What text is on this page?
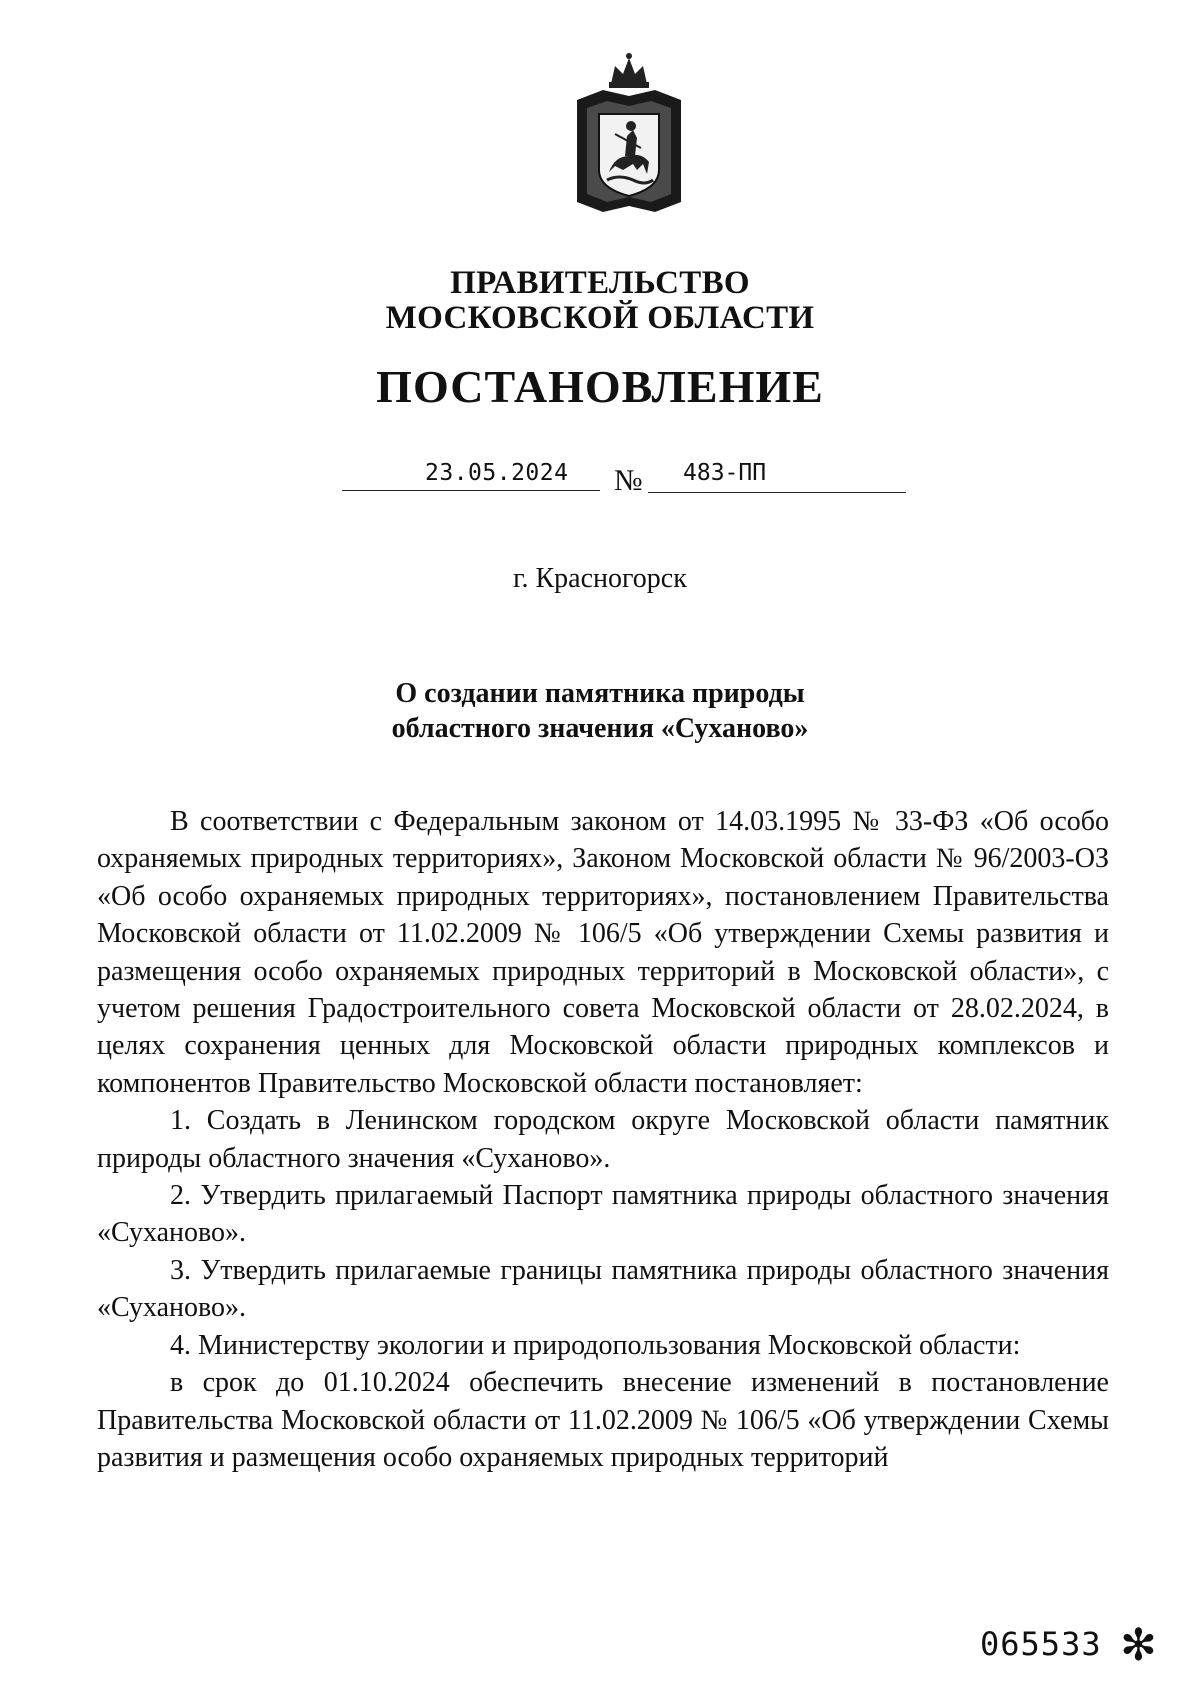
ПРАВИТЕЛЬСТВО
МОСКОВСКОЙ ОБЛАСТИ
ПОСТАНОВЛЕНИЕ
23.05.2024 № 483-ПП
г. Красногорск
О создании памятника природы
областного значения «Суханово»

В соответствии с Федеральным законом от 14.03.1995 № 33-ФЗ «Об особо охраняемых природных территориях», Законом Московской области № 96/2003-ОЗ «Об особо охраняемых природных территориях», постановлением Правительства Московской области от 11.02.2009 № 106/5 «Об утверждении Схемы развития и размещения особо охраняемых природных территорий в Московской области», с учетом решения Градостроительного совета Московской области от 28.02.2024, в целях сохранения ценных для Московской области природных комплексов и компонентов Правительство Московской области постановляет:

1. Создать в Ленинском городском округе Московской области памятник природы областного значения «Суханово».

2. Утвердить прилагаемый Паспорт памятника природы областного значения «Суханово».

3. Утвердить прилагаемые границы памятника природы областного значения «Суханово».

4. Министерству экологии и природопользования Московской области:

в срок до 01.10.2024 обеспечить внесение изменений в постановление Правительства Московской области от 11.02.2009 № 106/5 «Об утверждении Схемы развития и размещения особо охраняемых природных территорий

065533 ✻
